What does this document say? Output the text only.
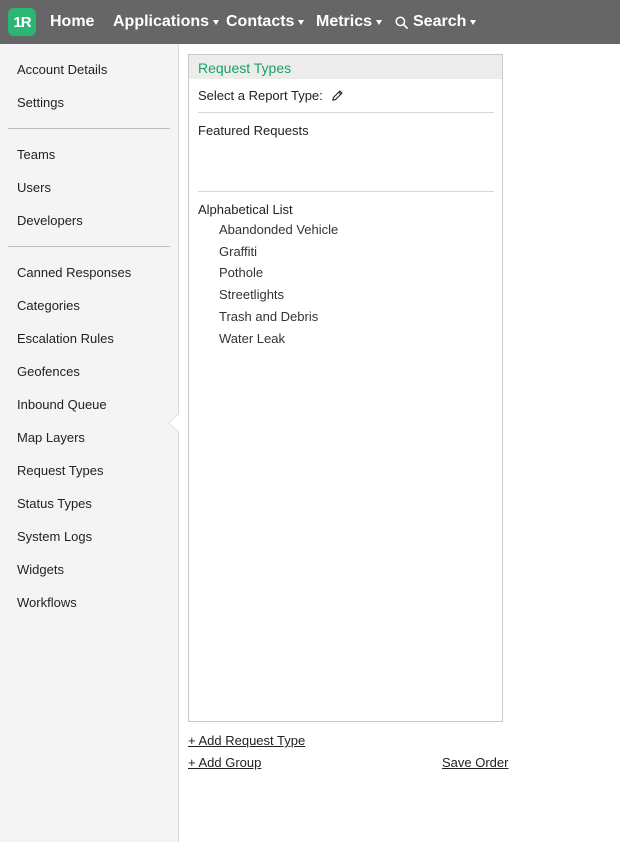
1R Home Applications Contacts Metrics	Search
Account Details
Settings
Teams
Users
Developers
Canned Responses
Categories
Escalation Rules
Geofences
Inbound Queue
Map Layers
Request Types
Status Types
System Logs
Widgets
Workflows
Request Types
Select a Report Type:
Featured Requests
Alphabetical List
Abandonded Vehicle
Graffiti
Pothole
Streetlights
Trash and Debris
Water Leak
+ Add Request Type
+ Add Group	Save Order
